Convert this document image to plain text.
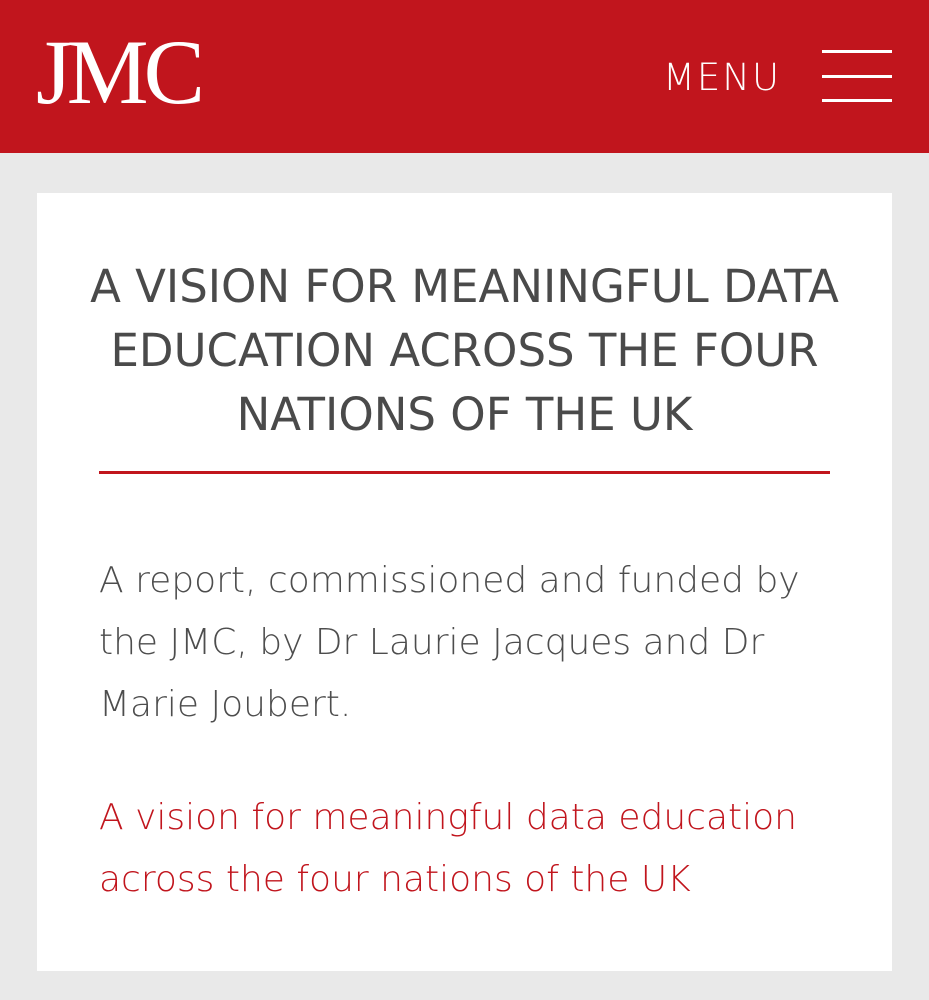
JMC	MENU
A VISION FOR MEANINGFUL DATA EDUCATION ACROSS THE FOUR NATIONS OF THE UK

A report, commissioned and funded by the JMC, by Dr Laurie Jacques and Dr Marie Joubert.

A vision for meaningful data education across the four nations of the UK
